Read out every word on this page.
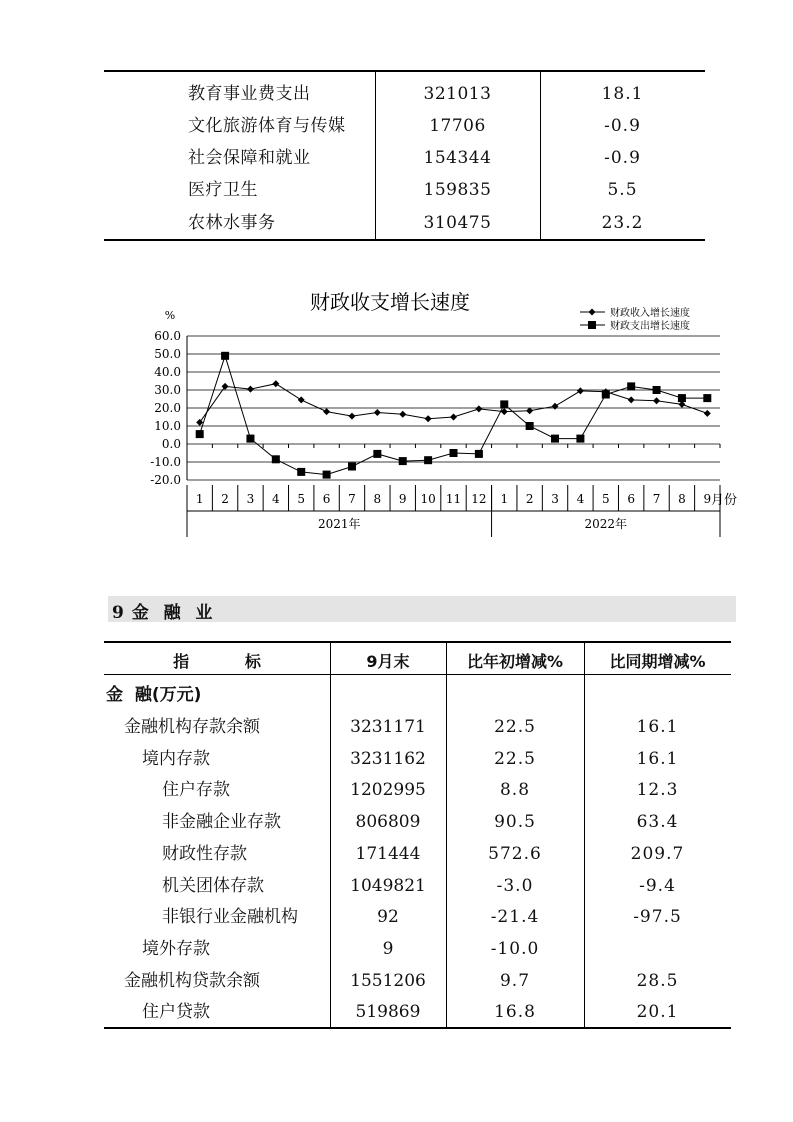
教育事业费支出	321013	18.1
文化旅游体育与传媒	17706	-0.9
社会保障和就业	154344	-0.9
医疗卫生	159835	5.5
农林水事务	310475	23.2
财政收支增长速度
%
月份
60.0
50.0
40.0
30.0
20.0
10.0
0.0
-10.0
-20.0
1 2 3 4 5 6 7 8 9 10 11 12 1 2 3 4 5 6 7 8 9
2021年	2022年
财政收入增长速度
财政支出增长速度
9 金  融  业
指          标	9月末	比年初增减%	比同期增减%
金  融(万元)
金融机构存款余额	3231171	22.5	16.1
境内存款	3231162	22.5	16.1
住户存款	1202995	8.8	12.3
非金融企业存款	806809	90.5	63.4
财政性存款	171444	572.6	209.7
机关团体存款	1049821	-3.0	-9.4
非银行业金融机构	92	-21.4	-97.5
境外存款	9	-10.0
金融机构贷款余额	1551206	9.7	28.5
住户贷款	519869	16.8	20.1
